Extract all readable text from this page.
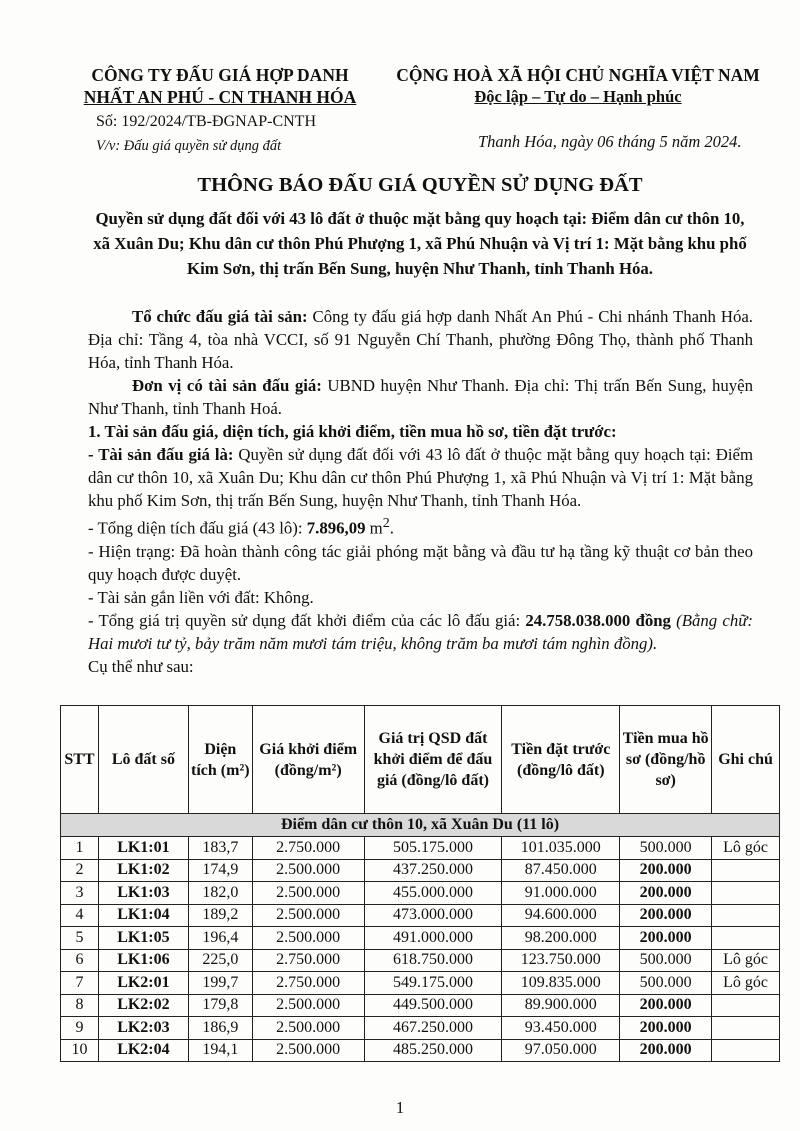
CÔNG TY ĐẤU GIÁ HỢP DANH
NHẤT AN PHÚ - CN THANH HÓA
Số: 192/2024/TB-ĐGNAP-CNTH
V/v: Đấu giá quyền sử dụng đất
CỘNG HOÀ XÃ HỘI CHỦ NGHĨA VIỆT NAM
Độc lập – Tự do – Hạnh phúc
Thanh Hóa, ngày 06 tháng 5 năm 2024.
THÔNG BÁO ĐẤU GIÁ QUYỀN SỬ DỤNG ĐẤT
Quyền sử dụng đất đối với 43 lô đất ở thuộc mặt bằng quy hoạch tại: Điểm dân cư thôn 10, xã Xuân Du; Khu dân cư thôn Phú Phượng 1, xã Phú Nhuận và Vị trí 1: Mặt bằng khu phố Kim Sơn, thị trấn Bến Sung, huyện Như Thanh, tỉnh Thanh Hóa.

Tổ chức đấu giá tài sản: Công ty đấu giá hợp danh Nhất An Phú - Chi nhánh Thanh Hóa. Địa chỉ: Tầng 4, tòa nhà VCCI, số 91 Nguyễn Chí Thanh, phường Đông Thọ, thành phố Thanh Hóa, tỉnh Thanh Hóa.

Đơn vị có tài sản đấu giá: UBND huyện Như Thanh. Địa chỉ: Thị trấn Bến Sung, huyện Như Thanh, tỉnh Thanh Hoá.

1. Tài sản đấu giá, diện tích, giá khởi điểm, tiền mua hồ sơ, tiền đặt trước:

- Tài sản đấu giá là: Quyền sử dụng đất đối với 43 lô đất ở thuộc mặt bằng quy hoạch tại: Điểm dân cư thôn 10, xã Xuân Du; Khu dân cư thôn Phú Phượng 1, xã Phú Nhuận và Vị trí 1: Mặt bằng khu phố Kim Sơn, thị trấn Bến Sung, huyện Như Thanh, tỉnh Thanh Hóa.

- Tổng diện tích đấu giá (43 lô): 7.896,09 $m^2$.

- Hiện trạng: Đã hoàn thành công tác giải phóng mặt bằng và đầu tư hạ tầng kỹ thuật cơ bản theo quy hoạch được duyệt.

- Tài sản gắn liền với đất: Không.

- Tổng giá trị quyền sử dụng đất khởi điểm của các lô đấu giá: 24.758.038.000 đồng (Bằng chữ: Hai mươi tư tỷ, bảy trăm năm mươi tám triệu, không trăm ba mươi tám nghìn đồng).

Cụ thể như sau:

STT	Lô đất số	Diện tích (m²)	Giá khởi điểm (đồng/m²)	Giá trị QSD đất khởi điểm để đấu giá (đồng/lô đất)	Tiền đặt trước (đồng/lô đất)	Tiền mua hồ sơ (đồng/hồ sơ)	Ghi chú
Điểm dân cư thôn 10, xã Xuân Du (11 lô)							
1	LK1:01	183,7	2.750.000	505.175.000	101.035.000	500.000	Lô góc
2	LK1:02	174,9	2.500.000	437.250.000	87.450.000	200.000	
3	LK1:03	182,0	2.500.000	455.000.000	91.000.000	200.000	
4	LK1:04	189,2	2.500.000	473.000.000	94.600.000	200.000	
5	LK1:05	196,4	2.500.000	491.000.000	98.200.000	200.000	
6	LK1:06	225,0	2.750.000	618.750.000	123.750.000	500.000	Lô góc
7	LK2:01	199,7	2.750.000	549.175.000	109.835.000	500.000	Lô góc
8	LK2:02	179,8	2.500.000	449.500.000	89.900.000	200.000	
9	LK2:03	186,9	2.500.000	467.250.000	93.450.000	200.000	
10	LK2:04	194,1	2.500.000	485.250.000	97.050.000	200.000	
1
